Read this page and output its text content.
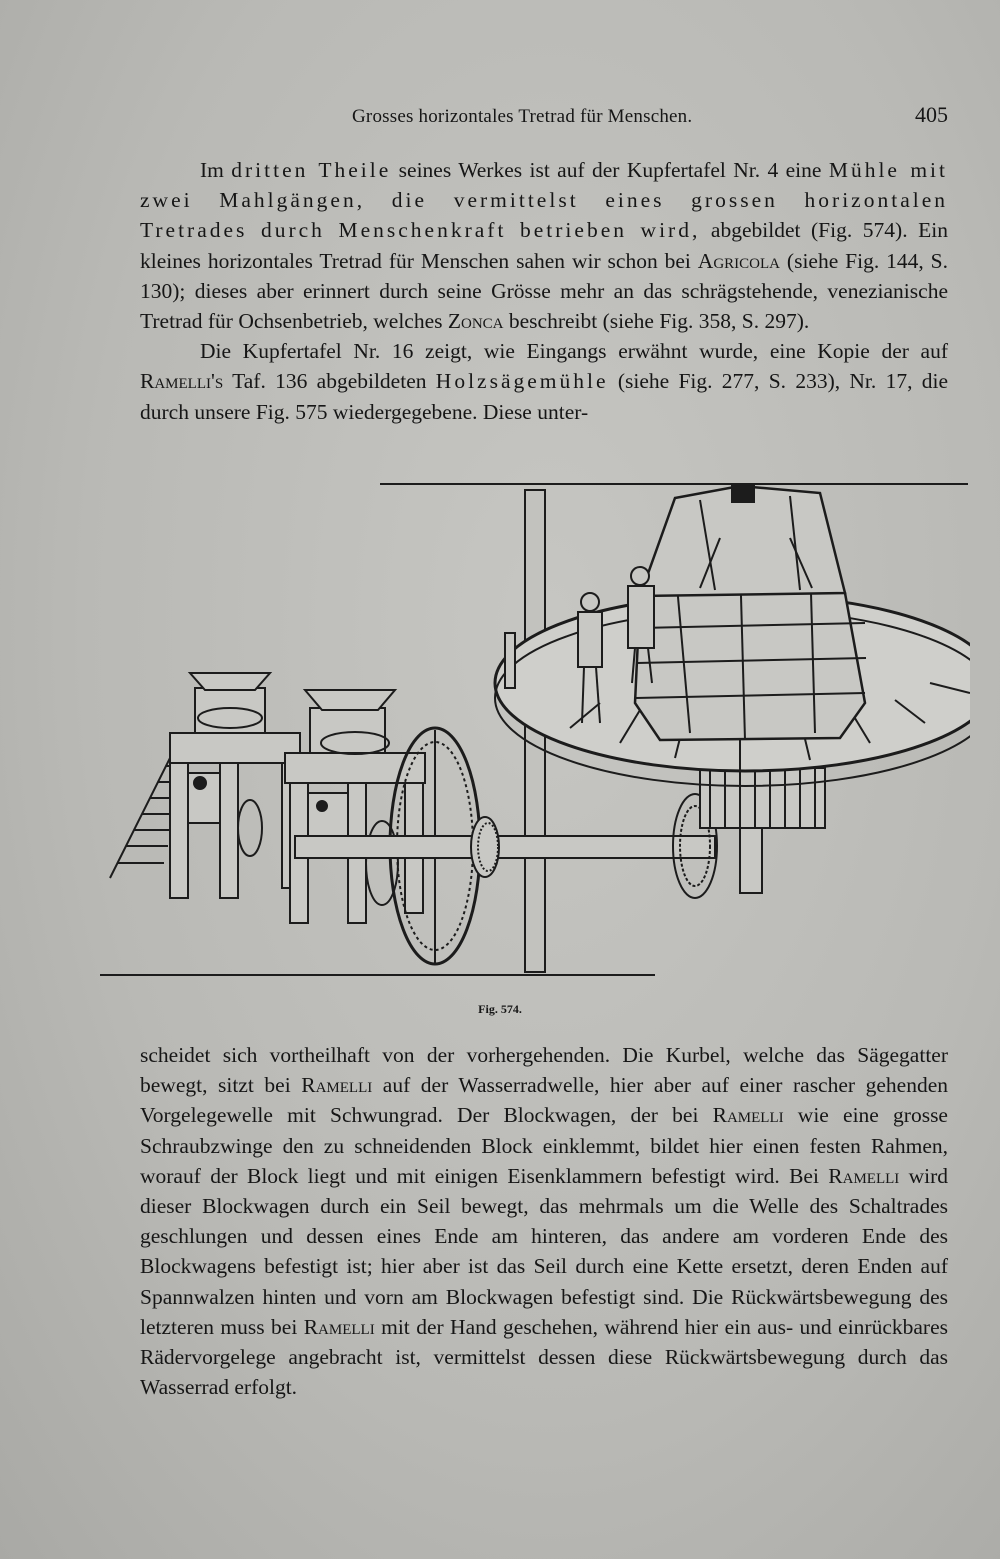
Grosses horizontales Tretrad für Menschen.	405

Im dritten Theile seines Werkes ist auf der Kupfertafel Nr. 4 eine Mühle mit zwei Mahlgängen, die vermittelst eines grossen horizontalen Tretrades durch Menschenkraft betrieben wird, abgebildet (Fig. 574). Ein kleines horizontales Tretrad für Menschen sahen wir schon bei Agricola (siehe Fig. 144, S. 130); dieses aber erinnert durch seine Grösse mehr an das schrägstehende, venezianische Tretrad für Ochsenbetrieb, welches Zonca beschreibt (siehe Fig. 358, S. 297).

Die Kupfertafel Nr. 16 zeigt, wie Eingangs erwähnt wurde, eine Kopie der auf Ramelli's Taf. 136 abgebildeten Holzsägemühle (siehe Fig. 277, S. 233), Nr. 17, die durch unsere Fig. 575 wiedergegebene. Diese unter-

Fig. 574.

scheidet sich vortheilhaft von der vorhergehenden. Die Kurbel, welche das Sägegatter bewegt, sitzt bei Ramelli auf der Wasserradwelle, hier aber auf einer rascher gehenden Vorgelegewelle mit Schwungrad. Der Blockwagen, der bei Ramelli wie eine grosse Schraubzwinge den zu schneidenden Block einklemmt, bildet hier einen festen Rahmen, worauf der Block liegt und mit einigen Eisenklammern befestigt wird. Bei Ramelli wird dieser Blockwagen durch ein Seil bewegt, das mehrmals um die Welle des Schaltrades geschlungen und dessen eines Ende am hinteren, das andere am vorderen Ende des Blockwagens befestigt ist; hier aber ist das Seil durch eine Kette ersetzt, deren Enden auf Spannwalzen hinten und vorn am Blockwagen befestigt sind. Die Rückwärtsbewegung des letzteren muss bei Ramelli mit der Hand geschehen, während hier ein aus- und einrückbares Rädervorgelege angebracht ist, vermittelst dessen diese Rückwärtsbewegung durch das Wasserrad erfolgt.
